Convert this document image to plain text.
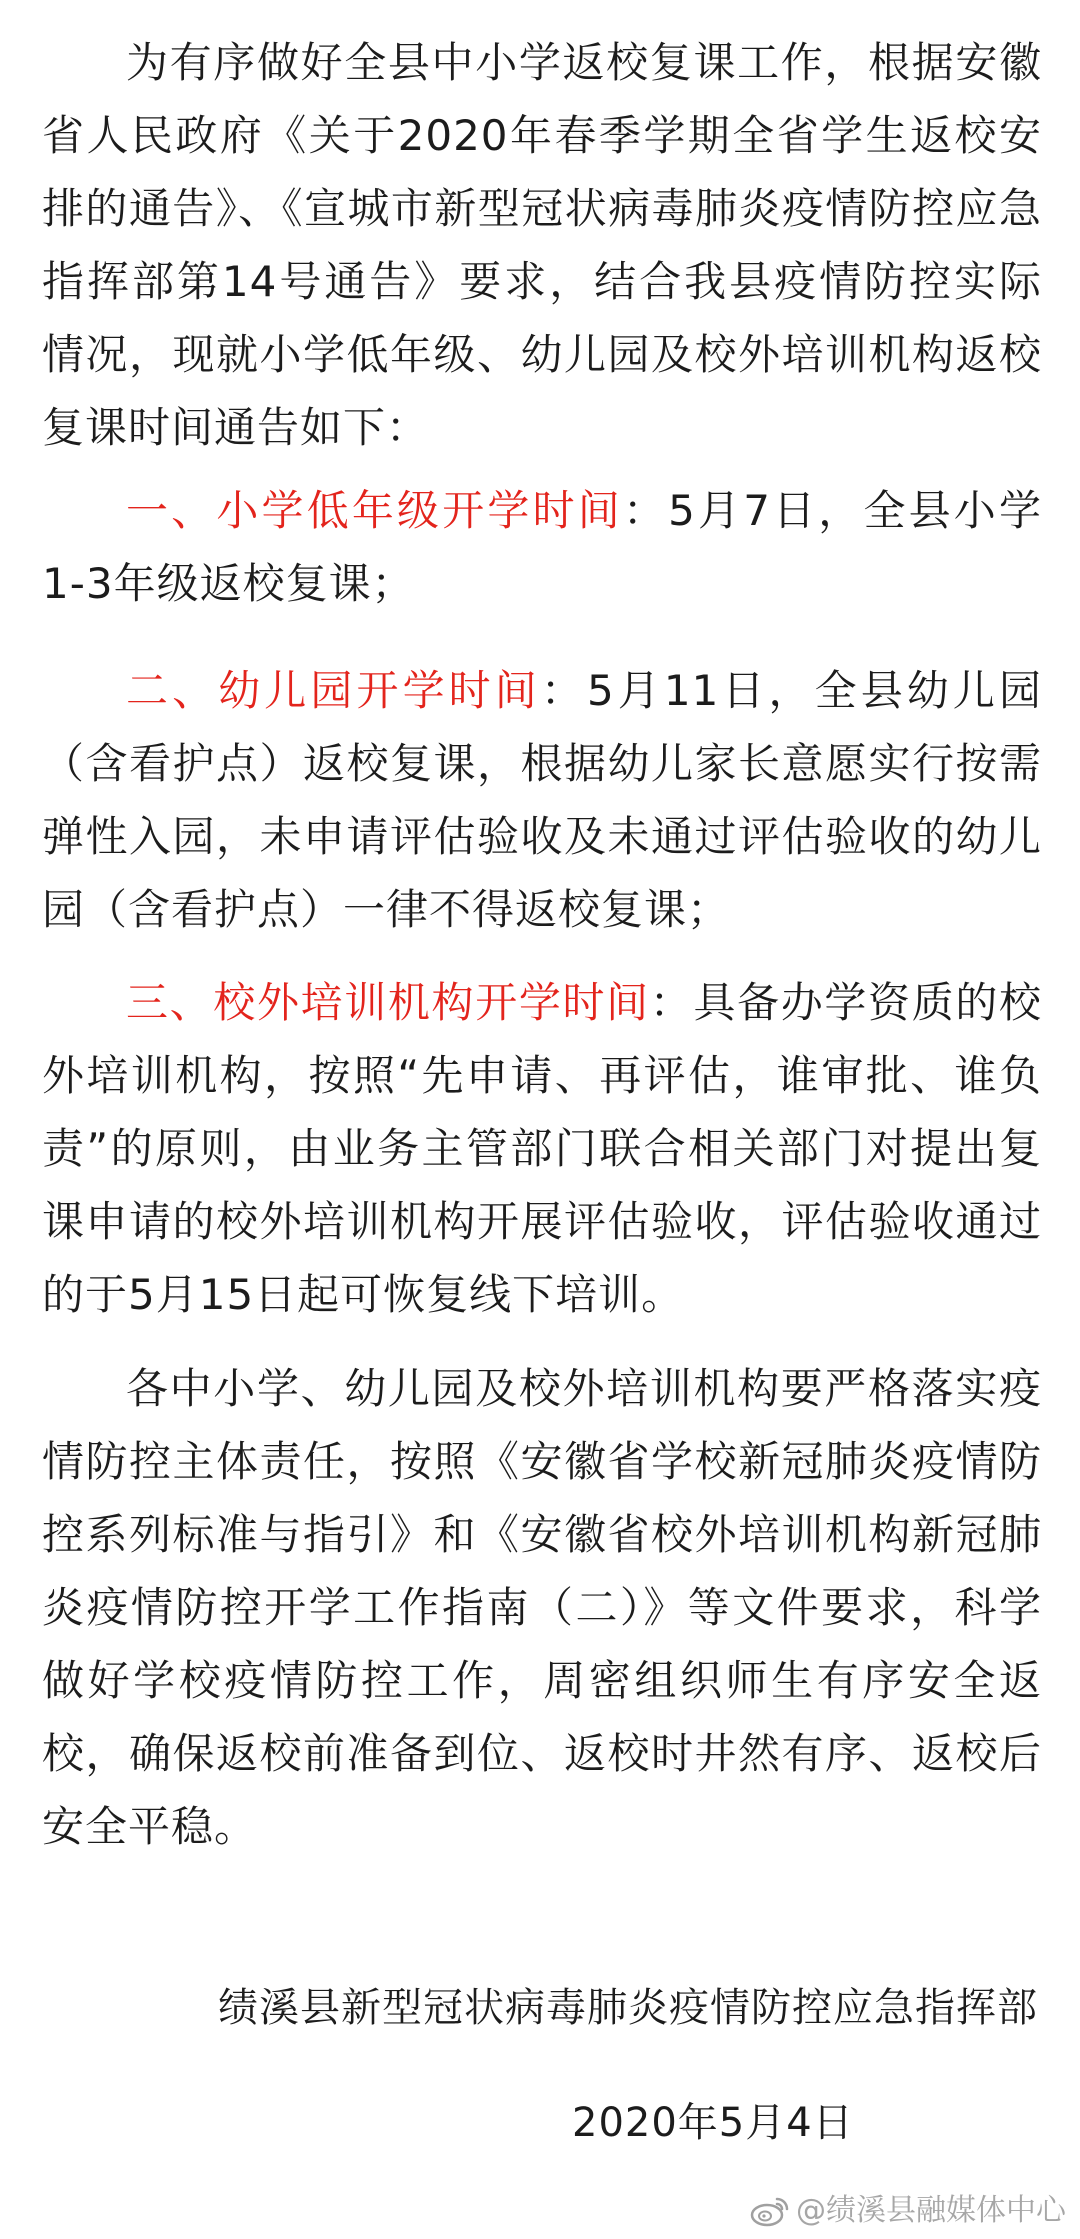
为有序做好全县中小学返校复课工作，根据安徽省人民政府《关于2020年春季学期全省学生返校安排的通告》、《宣城市新型冠状病毒肺炎疫情防控应急指挥部第14号通告》要求，结合我县疫情防控实际情况，现就小学低年级、幼儿园及校外培训机构返校复课时间通告如下：

一、小学低年级开学时间：5月7日，全县小学1-3年级返校复课；

二、幼儿园开学时间：5月11日，全县幼儿园（含看护点）返校复课，根据幼儿家长意愿实行按需弹性入园，未申请评估验收及未通过评估验收的幼儿园（含看护点）一律不得返校复课；

三、校外培训机构开学时间：具备办学资质的校外培训机构，按照“先申请、再评估，谁审批、谁负责”的原则，由业务主管部门联合相关部门对提出复课申请的校外培训机构开展评估验收，评估验收通过的于5月15日起可恢复线下培训。

各中小学、幼儿园及校外培训机构要严格落实疫情防控主体责任，按照《安徽省学校新冠肺炎疫情防控系列标准与指引》和《安徽省校外培训机构新冠肺炎疫情防控开学工作指南（二）》等文件要求，科学做好学校疫情防控工作，周密组织师生有序安全返校，确保返校前准备到位、返校时井然有序、返校后安全平稳。

绩溪县新型冠状病毒肺炎疫情防控应急指挥部

2020年5月4日

@绩溪县融媒体中心
